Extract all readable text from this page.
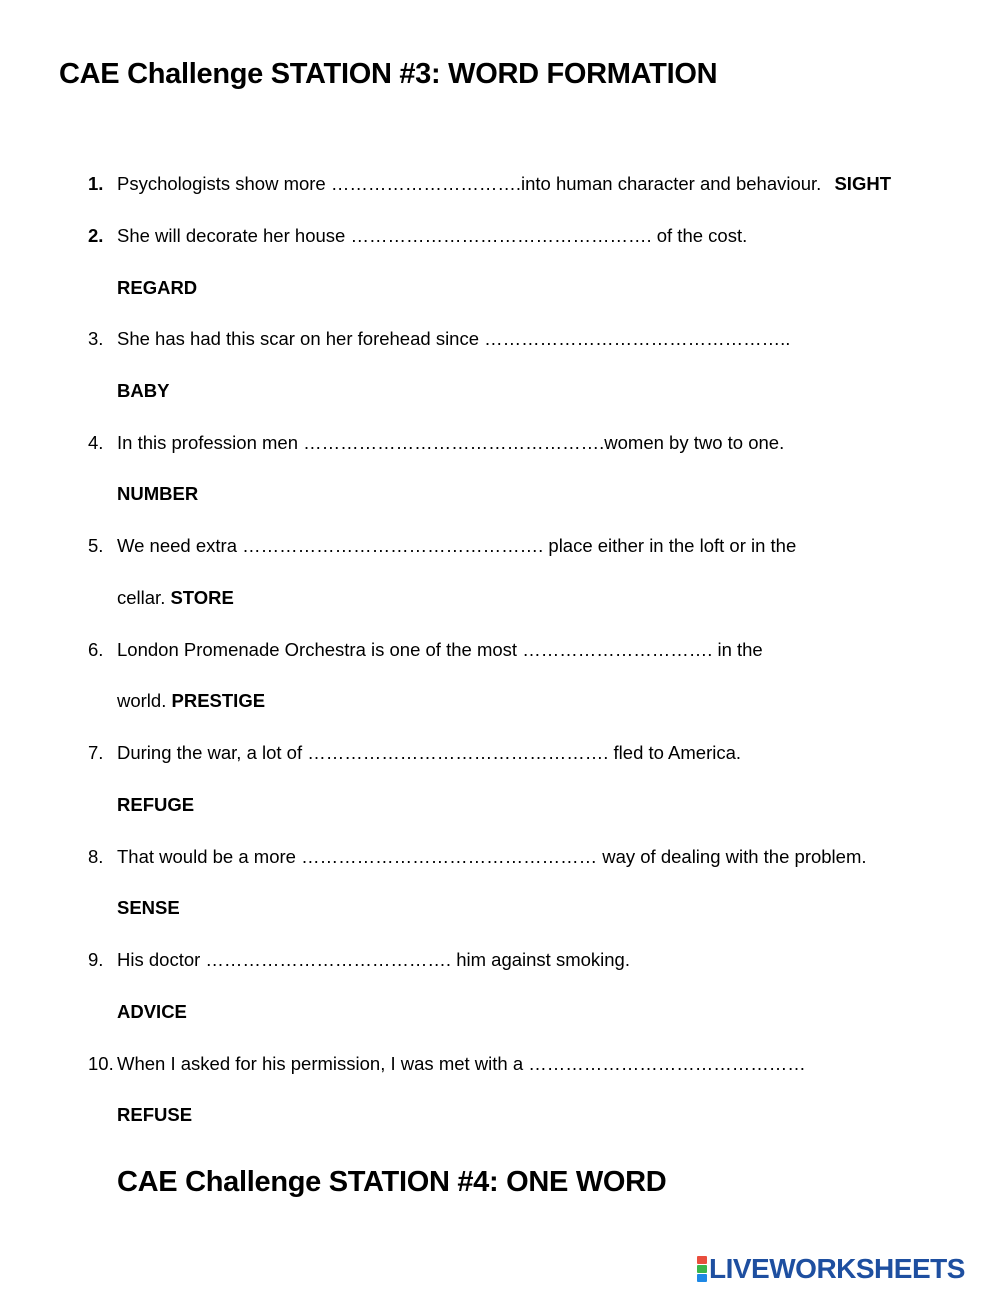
CAE Challenge STATION #3: WORD FORMATION
1. Psychologists show more ………………………….into human character and behaviour. SIGHT
2. She will decorate her house …………………………………………. of the cost.
REGARD
3. She has had this scar on her forehead since …………………………………………..
BABY
4. In this profession men ………………………………………….women by two to one.
NUMBER
5. We need extra …………………………………………. place either in the loft or in the
cellar. STORE
6. London Promenade Orchestra is one of the most …………………………. in the
world. PRESTIGE
7. During the war, a lot of …………………………………………. fled to America.
REFUGE
8. That would be a more ………………………………………… way of dealing with the problem.
SENSE
9. His doctor …………………………………. him against smoking.
ADVICE
10. When I asked for his permission, I was met with a ………………………………………
REFUSE
CAE Challenge STATION #4: ONE WORD
LIVEWORKSHEETS
